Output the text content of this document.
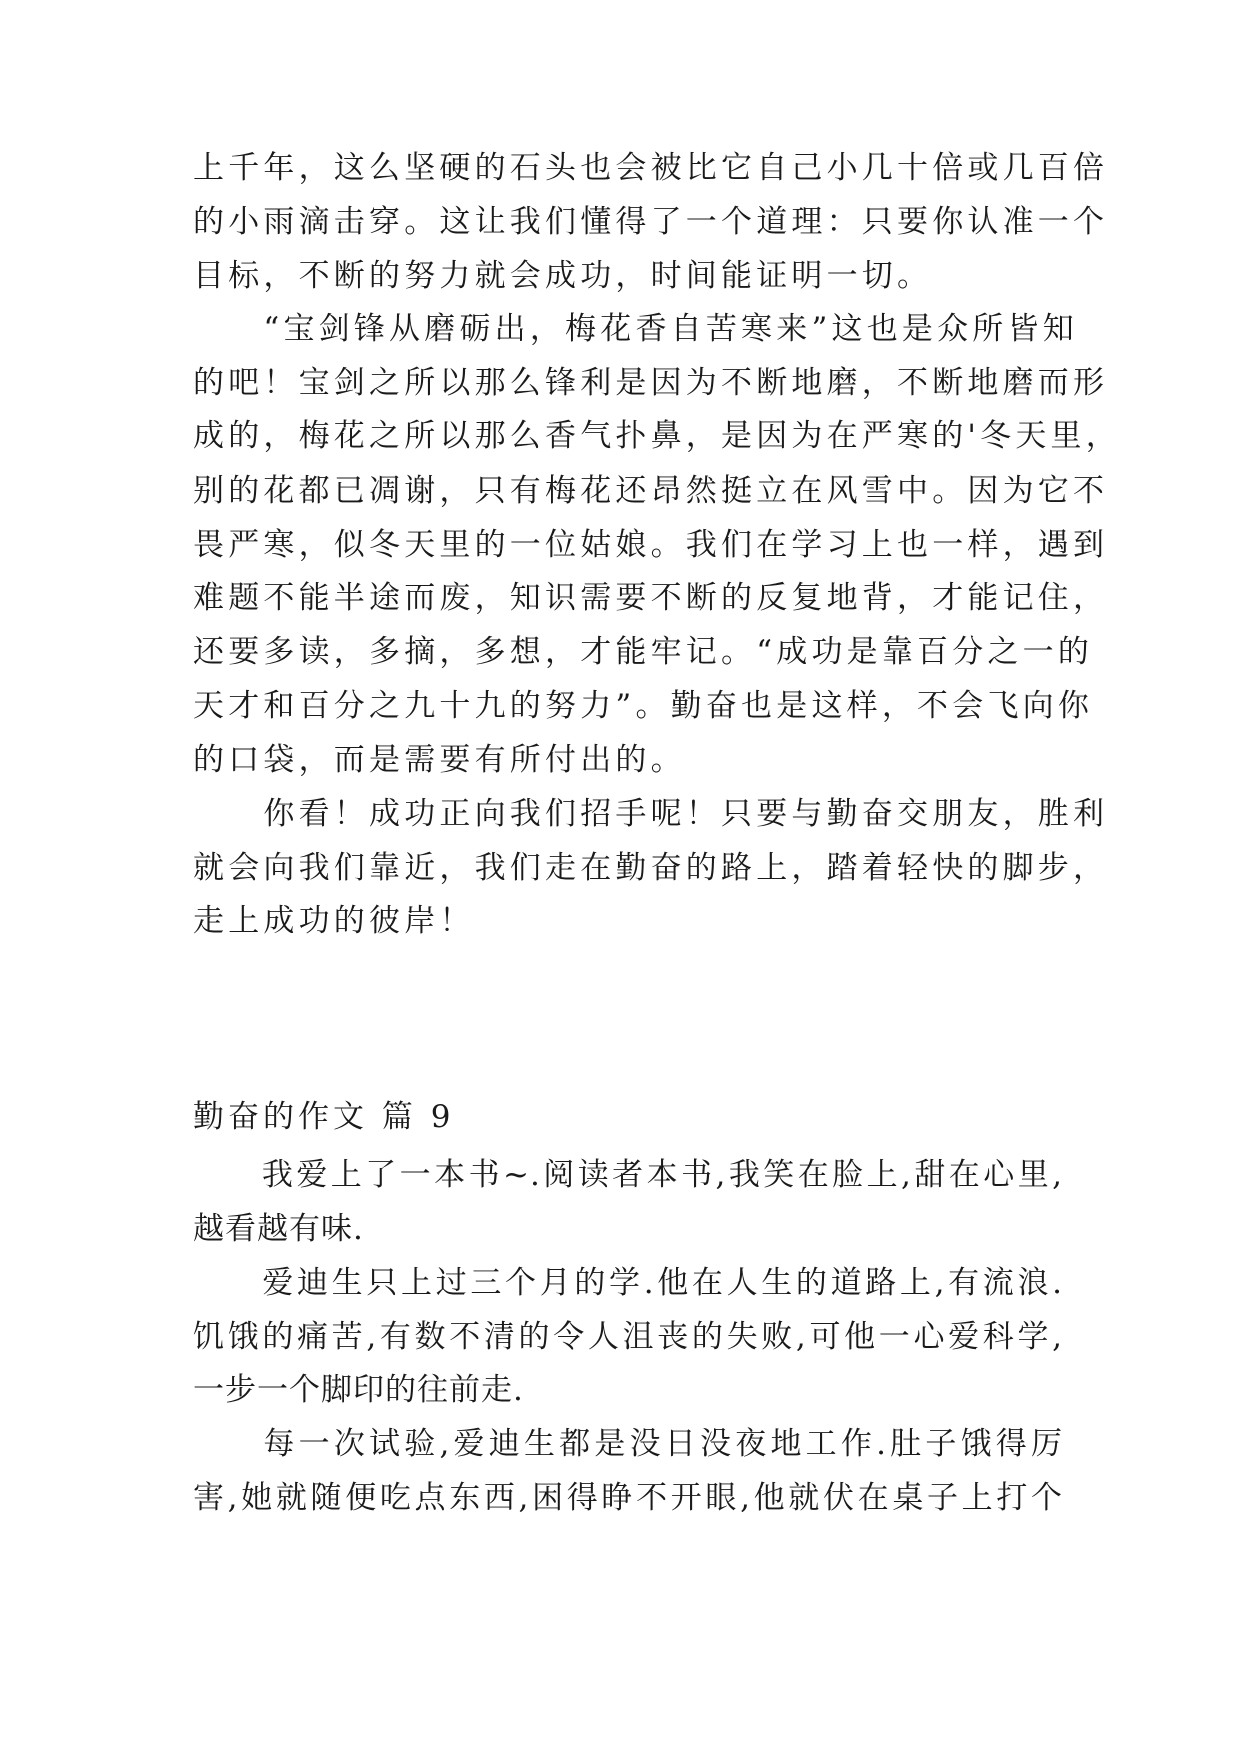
上千年，这么坚硬的石头也会被比它自己小几十倍或几百倍
的小雨滴击穿。这让我们懂得了一个道理：只要你认准一个
目标，不断的努力就会成功，时间能证明一切。
　　“宝剑锋从磨砺出，梅花香自苦寒来”这也是众所皆知
的吧！宝剑之所以那么锋利是因为不断地磨，不断地磨而形
成的，梅花之所以那么香气扑鼻，是因为在严寒的'冬天里，
别的花都已凋谢，只有梅花还昂然挺立在风雪中。因为它不
畏严寒，似冬天里的一位姑娘。我们在学习上也一样，遇到
难题不能半途而废，知识需要不断的反复地背，才能记住，
还要多读，多摘，多想，才能牢记。“成功是靠百分之一的
天才和百分之九十九的努力”。勤奋也是这样，不会飞向你
的口袋，而是需要有所付出的。
　　你看！成功正向我们招手呢！只要与勤奋交朋友，胜利
就会向我们靠近，我们走在勤奋的路上，踏着轻快的脚步，
走上成功的彼岸！
勤奋的作文 篇 9
　　我爱上了一本书~.阅读者本书,我笑在脸上,甜在心里,
越看越有味.
　　爱迪生只上过三个月的学.他在人生的道路上,有流浪.
饥饿的痛苦,有数不清的令人沮丧的失败,可他一心爱科学,
一步一个脚印的往前走.
　　每一次试验,爱迪生都是没日没夜地工作.肚子饿得厉
害,她就随便吃点东西,困得睁不开眼,他就伏在桌子上打个
